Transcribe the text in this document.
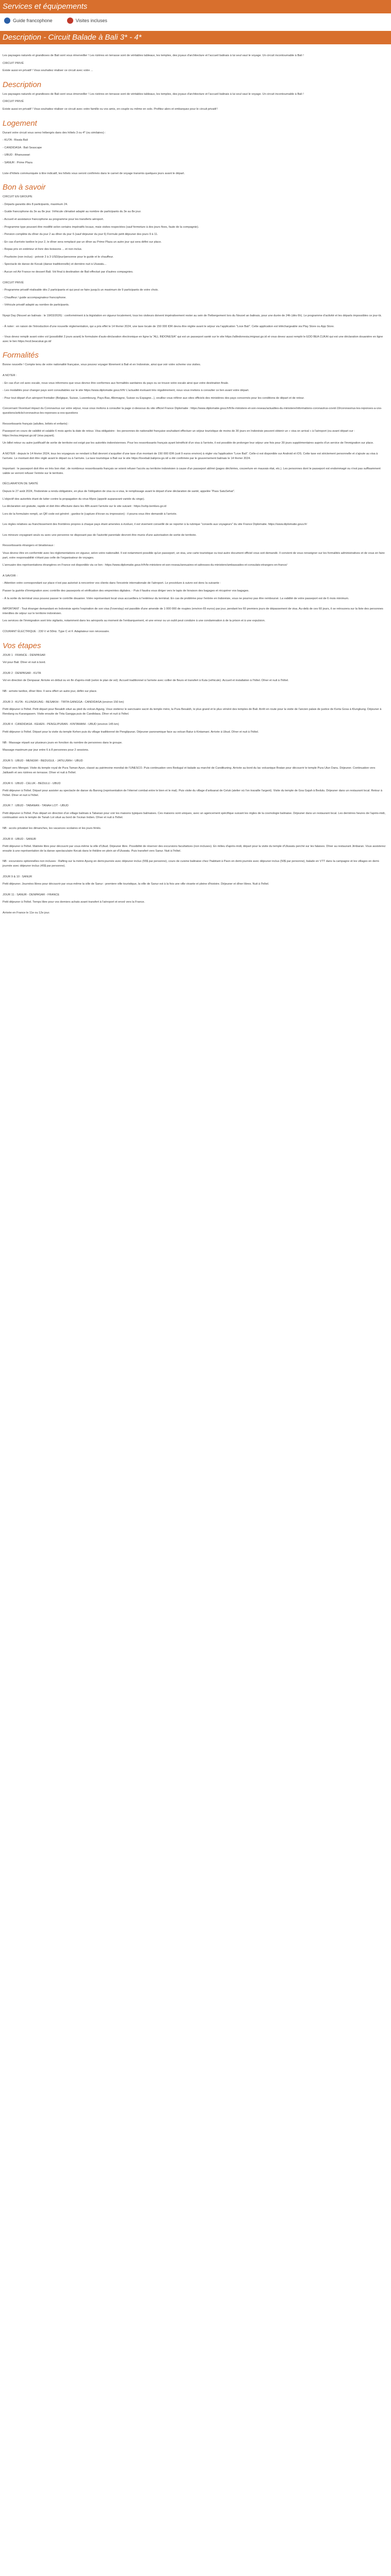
Services et équipements
Guide francophone	Visites incluses
Description - Circuit Balade à Bali 3* - 4*

Les paysages naturels et grandioses de Bali sont vous émerveiller ! Les rizières en terrasse sont de véritables tableaux, les temples, des joyaux d'architecture et l'accueil balinais à lui seul vaut le voyage. Un circuit incontournable à Bali !

CIRCUIT PRIVÉ

Existe aussi en privatif ! Vous souhaitez réaliser ce circuit avec votre ...

Description

Les paysages naturels et grandioses de Bali sont vous émerveiller ! Les rizières en terrasse sont de véritables tableaux, les temples, des joyaux d'architecture et l'accueil balinais à lui seul vaut le voyage. Un circuit incontournable à Bali !

CIRCUIT PRIVÉ

Existe aussi en privatif ! Vous souhaitez réaliser ce circuit avec votre famille ou vos amis, en couple ou même en solo. Profitez alors et embarquez pour le circuit privatif !

Logement

Durant votre circuit vous serez hébergés dans des hôtels 3 ou 4* (ou similaires) :

- KUTA : Risata Bali

- CANDIDASA : Bali Seascape

- UBUD : Bhanuswari

- SANUR : Prime Plaza

Liste d'hôtels communiquée à titre indicatif, les hôtels vous seront confirmés dans le carnet de voyage transmis quelques jours avant le départ.

Bon à savoir

CIRCUIT EN GROUPE

- Départs garantis dès 8 participants, maximum 24.

- Guide francophone du 3e au 8e jour. Véhicule climatisé adapté au nombre de participants du 3e au 8e jour.

- Accueil et assistance francophone au programme pour les transferts aéroport.

- Programme type pouvant être modifié selon certains impératifs locaux, mais visites respectées (sauf fermeture à des jours fixes, faute de la compagnie).

- Pension complète du dîner du jour 2 au dîner du jour 6 (sauf déjeuner du jour 6) Formule petit déjeuner des jours 9 à 11.

- En cas d'arrivée tardive le jour 2, le dîner sera remplacé par un dîner au Prime Plaza un autre jour qui sera défini sur place.

- Repas pris en extérieur et livre des boissons ... et non inclus.

- Pourboire (non inclus) : prévoir 2 à 3 USD/jour/personne pour le guide et le chauffeur.

- Spectacle de danse de Kecak (danse traditionnelle) et dernière nuit à Uluwatu...

- Aucun vol Air France ne dessert Bali. Vol final à destination de Bali effectué par d'autres compagnies.

CIRCUIT PRIVÉ

- Programme privatif réalisable dès 2 participants et qui peut se faire jusqu'à un maximum de 9 participants de votre choix.

- Chauffeur / guide accompagnateur francophone.

- Véhicule privatif adapté au nombre de participants.

Nyepi Day (Nouvel an balinais : le 19/03/2026) : conformément à la législation en vigueur localement, tous les visiteurs doivent impérativement rester au sein de l'hébergement lors du Nouvel an balinais, pour une durée de 24h (dès 6h). Le programme d'activité et les départs impossibles ce jour-là.

- À noter : en raison de l'introduction d'une nouvelle réglementation, qui a pris effet le 14 février 2024, une taxe locale de 150 000 IDR devra être réglée avant le séjour via l'application "Love Bali". Cette application est téléchargeable via Play Store ou App Store.

- Vous devez remplir avant votre vol (possibilité 2 jours avant) le formulaire d'auto-déclaration électronique en ligne la "ALL INDONESIA" qui est un passeport santé sur le site https://allindonesia.imigrasi.go.id et vous devez aussi remplir le EDD BEA CUKAI qui est une déclaration douanière en ligne avec le lien https://ecd.beacukai.go.id/

Formalités

Bonne nouvelle ! Compte tenu de votre nationalité française, vous pouvez voyager librement à Bali et en Indonésie, ainsi que voir votre scheme vos visites.

A NOTER :

- En cas d'un vol avec escale, nous vous informons que vous devrez être conformes aux formalités sanitaires du pays ou se trouve votre escale ainsi que votre destination finale.

- Les modalités pour changer pays sont consultables sur le site https://www.diplomatie.gouv.fr/fr/ L'actualité évoluant très régulièrement, nous vous invitons à consulter ce lien avant votre départ.

- Pour tout départ d'un aéroport frontalier (Belgique, Suisse, Luxembourg, Pays-Bas, Allemagne, Suisse ou Espagne...), veuillez vous référer aux sites officiels des ministères des pays concernés pour les conditions de départ et de retour.

Concernant l'éventuel impact du Coronavirus sur votre séjour, nous vous invitons à consulter la page ci-dessous du site officiel France Diplomatie : https://www.diplomatie.gouv.fr/fr/le-ministere-et-son-reseau/actualites-du-ministere/informations-coronavirus-covid-19/coronavirus-les-reponses-a-vos-questions/article/coronavirus-les-reponses-a-vos-questions

Ressortissants français (adultes, bébés et enfants) :

Passeport en cours de validité et valable 6 mois après la date de retour. Visa obligatoire : les personnes de nationalité française souhaitant effectuer un séjour touristique de moins de 30 jours en Indonésie peuvent obtenir un « visa on arrival » à l'aéroport (ou avant départ sur : https://evisa.imigrasi.go.id/ (visa payant).

Un billet retour ou autre justificatif de sortie de territoire est exigé par les autorités indonésiennes. Pour les ressortissants français ayant bénéficié d'un visa à l'arrivée, il est possible de prolonger leur séjour une fois pour 30 jours supplémentaires auprès d'un service de l'immigration sur place.

A NOTER : depuis le 14 février 2024, tous les voyageurs se rendant à Bali devront s'acquitter d'une taxe d'un montant de 150 000 IDR (soit 9 euros environ) à régler via l'application "Love Bali". Celle-ci est disponible sur Android et iOS. Cette taxe est strictement personnelle et s'ajoute au visa à l'arrivée. Le montant doit être réglé avant le départ ou à l'arrivée. La taxe touristique à Bali sur le site https://lovebali.baliprov.go.id/ a été confirmée par le gouvernement balinais le 14 février 2024.

Important : le passeport doit être en très bon état ; de nombreux ressortissants français se voient refuser l'accès au territoire indonésien à cause d'un passeport abîmé (pages déchirées, couverture en mauvais état, etc.). Les personnes dont le passeport est endommagé ou n'est pas suffisamment valide se verront refuser l'entrée sur le territoire.

DÉCLARATION DE SANTÉ

Depuis le 27 août 2024, l'Indonésie a rendu obligatoire, en plus de l'obligation de visa ou e-visa, le remplissage avant le départ d'une déclaration de santé, appelée "Pass SatuSehat".

L'objectif des autorités étant de lutter contre la propagation du virus Mpox (appelé auparavant variole du singe).

La déclaration est gratuite, rapide et doit être effectuée dans les 48h avant l'arrivée sur le site suivant : https://sshp.kemkes.go.id

Lors de la formulaire rempli, un QR code est généré ; gardez-le (capture d'écran ou impression) : il pourra vous être demandé à l'arrivée.

Les règles relatives au franchissement des frontières propres à chaque pays étant amenées à évoluer, il est vivement conseillé de se reporter à la rubrique "conseils aux voyageurs" du site France Diplomatie. https://www.diplomatie.gouv.fr/

Les mineurs voyageant seuls ou avec une personne ne disposant pas de l'autorité parentale devront être munis d'une autorisation de sortie de territoire.

Ressortissants étrangers et binationaux :

Vous devrez être en conformité avec les réglementations en vigueur, selon votre nationalité. Il est notamment possible qu'un passeport, un visa, une carte touristique ou tout autre document officiel vous soit demandé. Il convient de vous renseigner sur les formalités administratives et de vous en faire part, votre responsabilité n'étant pas celle de l'organisateur de voyages.

L'annuaire des représentations étrangères en France est disponible via ce lien : https://www.diplomatie.gouv.fr/fr/le-ministere-et-son-reseau/annuaires-et-adresses-du-ministere/ambassades-et-consulats-etrangers-en-france/

A SAVOIR :

- Attention votre correspondant sur place n'est pas autorisé à rencontrer vos clients dans l'enceinte internationale de l'aéroport. Le procédure à suivre est donc la suivante :

Passer la guérite d'immigration avec contrôle des passeports et vérification des empreintes digitales. - Puis il faudra vous diriger vers le tapis de livraison des bagages et récupérer vos bagages.

- À la sortie du terminal vous pouvez passer le contrôle douanier. Votre représentant local vous accueillera à l'extérieur du terminal. En cas de problème pour l'entrée en Indonésie, vous ne pourrez pas être remboursé. La validité de votre passeport est de 6 mois minimum.

IMPORTANT : Tout étranger demandant en Indonésie après l'expiration de son visa (l'overstay) est passible d'une amende de 1 000 000 de roupies (environ 65 euros) par jour, pendant les 60 premiers jours de dépassement de visa. Au-delà de ces 60 jours, il se retrouvera sur la liste des personnes interdites de séjour sur le territoire indonésien.

Les services de l'immigration sont très vigilants, notamment dans les aéroports au moment de l'embarquement, et une erreur ou un oubli peut conduire à une condamnation à de la prison et à une expulsion.

COURANT ÉLECTRIQUE : 230 V et 50Hz. Type C et F. Adaptateur non nécessaire.

Vos étapes

JOUR 1 : FRANCE - DENPASAR

Vol pour Bali. Dîner et nuit à bord.

JOUR 2 : DENPASAR - KUTA

Vol en direction de Denpasar. Arrivée en début ou en fin d'après-midi (selon le plan de vol). Accueil traditionnel à l'arrivée avec collier de fleurs et transfert à Kuta (véhicule). Accueil et installation à l'hôtel. Dîner et nuit à l'hôtel.

NB : arrivée tardive, dîner libre. Il sera offert un autre jour, défini sur place.

JOUR 3 : KUTA - KLUNGKUNG - BESAKIH - TIRTA GANGGA - CANDIDASA (environ 150 km)

Petit déjeuner à l'hôtel. Petit départ pour Besakih situé au pied du volcan Agung. Vous visiterez le sanctuaire sacré du temple mère, la Pura Besakih, le plus grand et le plus vénéré des temples de Bali. Arrêt en route pour la visite de l'ancien palais de justice de Kerta Gosa à Klungkung. Déjeuner à Rendang ou Karangasem. Visite ensuite de Tirta Gangga puis de Candidasa. Dîner et nuit à l'hôtel.

JOUR 4 : CANDIDASA - KEHEN - PENGLIPURAN - KINTAMANI - UBUD (environ 145 km)

Petit déjeuner à l'hôtel. Départ pour la visite du temple Kehen puis du village traditionnel de Penglipuran. Déjeuner panoramique face au volcan Batur à Kintamani. Arrivée à Ubud. Dîner et nuit à l'hôtel.

NB : Massage réparti sur plusieurs jours en fonction du nombre de personnes dans le groupe.

Massage maximum par jour entre 6 à 8 personnes pour 2 sessions.

JOUR 5 : UBUD - MENGWI - BEDUGUL - JATILUWIH - UBUD

Départ vers Mengwi. Visite du temple royal de Pura Taman Ayun, classé au patrimoine mondial de l'UNESCO. Puis continuation vers Bedugul et balade au marché de Candikuning. Arrivée au bord du lac volcanique Bratan pour découvrir le temple Pura Ulun Danu. Déjeuner. Continuation vers Jatiluwih et ses rizières en terrasse. Dîner et nuit à l'hôtel.

JOUR 6 : UBUD - CELUK - BEDULU - UBUD

Petit déjeuner à l'hôtel. Départ pour assister au spectacle de danse du Barong (représentation de l'éternel combat entre le bien et le mal). Puis visite du village d'artisanat de Celuk (atelier où l'on travaille l'argent). Visite du temple de Goa Gajah à Bedulu. Déjeuner dans un restaurant local. Retour à l'hôtel. Dîner et nuit à l'hôtel.

JOUR 7 : UBUD - TABANAN - TANAH LOT - UBUD

Petit déjeuner à l'hôtel. Puis départ en direction d'un village balinais à Tabanan pour voir les maisons typiques balinaises. Ces maisons sont uniques, avec un agencement spécifique suivant les règles de la cosmologie balinaise. Déjeuner dans un restaurant local. Les dernières heures de l'après-midi, continuation vers le temple de Tanah Lot situé au bord de l'océan Indien. Dîner et nuit à l'hôtel.

NB : accès privatisé les dimanches, les vacances scolaires et les jours fériés.

JOUR 8 : UBUD - SANUR

Petit déjeuner à l'hôtel. Matinée libre pour découvrir par vous-même la ville d'Ubud. Déjeuner libre. Possibilité de réserver des excursions facultatives (non incluses). En milieu d'après-midi, départ pour la visite du temple d'Uluwatu perché sur les falaises. Dîner au restaurant Jimbaran. Vous assisterez ensuite à une représentation de la danse spectaculaire Kecak dans le théâtre en plein air d'Uluwatu. Puis transfert vers Sanur. Nuit à l'hôtel.

NB : excursions optionnelles non incluses : Rafting sur la rivière Ayung en demi-journée avec déjeuner inclus (55$ par personne), cours de cuisine balinaise chez l'habitant à Paon en demi-journée avec déjeuner inclus (50$ par personne), balade en VTT dans la campagne et les villages en demi-journée avec déjeuner inclus (45$ par personne).

JOUR 9 & 10 : SANUR

Petit déjeuner. Journées libres pour découvrir par vous-même la ville de Sanur : premiere ville touristique, la ville de Sanur est à la fois une ville vivante et pleine d'histoire. Déjeuner et dîner libres. Nuit à l'hôtel.

JOUR 11 : SANUR - DENPASAR - FRANCE

Petit déjeuner à l'hôtel. Temps libre pour vos derniers achats avant transfert à l'aéroport et envol vers la France.

Arrivée en France le 11e ou 12e jour.
